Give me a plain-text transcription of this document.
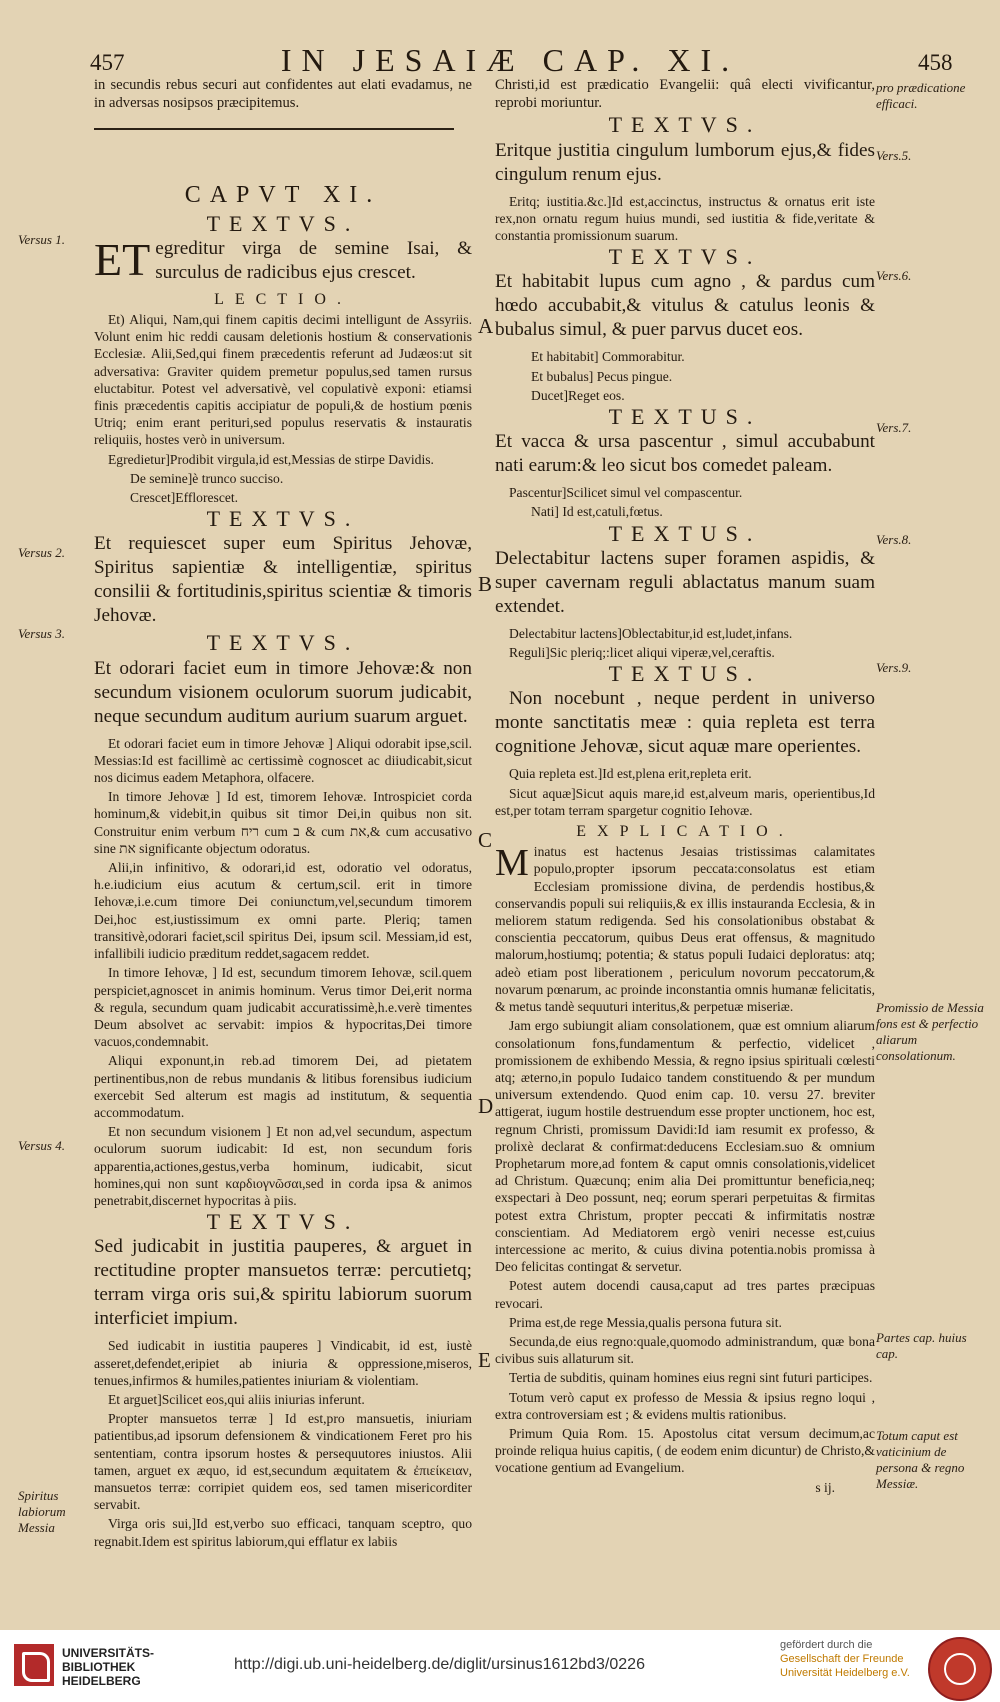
457	IN JESAIÆ CAP. XI.	458

in secundis rebus securi aut confidentes aut elati evadamus, ne in adversas nosipsos præcipitemus.

CAPVT XI.
TEXTVS.

ET egreditur virga de semine Isai, & surculus de radicibus ejus crescet.

LECTIO.

Et) Aliqui, Nam,qui finem capitis decimi intelligunt de Assyriis. Volunt enim hic reddi causam deletionis hostium & conservationis Ecclesiæ. Alii,Sed,qui finem præcedentis referunt ad Judæos:ut sit adversativa: Graviter quidem premetur populus,sed tamen rursus eluctabitur. Potest vel adversativè, vel copulativè exponi: etiamsi finis præcedentis capitis accipiatur de populi,& de hostium pœnis Utriq; enim erant perituri,sed populus reservatis & instauratis reliquiis, hostes verò in universum.

Egredietur]Prodibit virgula,id est,Messias de stirpe Davidis.

De semine]è trunco succiso.

Crescet]Efflorescet.

TEXTVS.

Et requiescet super eum Spiritus Jehovæ, Spiritus sapientiæ & intelligentiæ, spiritus consilii & fortitudinis,spiritus scientiæ & timoris Jehovæ.

TEXTVS.

Et odorari faciet eum in timore Jehovæ:& non secundum visionem oculorum suorum judicabit, neque secundum auditum aurium suarum arguet.

Et odorari faciet eum in timore Jehovæ ] Aliqui odorabit ipse,scil. Messias:Id est facillimè ac certissimè cognoscet ac diiudicabit,sicut nos dicimus eadem Metaphora, olfacere.

In timore Jehovæ ] Id est, timorem Iehovæ. Introspiciet corda hominum,& videbit,in quibus sit timor Dei,in quibus non sit. Construitur enim verbum ריח cum ב & cum את,& cum accusativo sine את significante objectum odoratus.

Alii,in infinitivo, & odorari,id est, odoratio vel odoratus, h.e.iudicium eius acutum & certum,scil. erit in timore Iehovæ,i.e.cum timore Dei coniunctum,vel,secundum timorem Dei,hoc est,iustissimum ex omni parte. Pleriq; tamen transitivè,odorari faciet,scil spiritus Dei, ipsum scil. Messiam,id est, infallibili iudicio præditum reddet,sagacem reddet.

In timore Iehovæ, ] Id est, secundum timorem Iehovæ, scil.quem perspiciet,agnoscet in animis hominum. Verus timor Dei,erit norma & regula, secundum quam judicabit accuratissimè,h.e.verè timentes Deum absolvet ac servabit: impios & hypocritas,Dei timore vacuos,condemnabit.

Aliqui exponunt,in reb.ad timorem Dei, ad pietatem pertinentibus,non de rebus mundanis & litibus forensibus iudicium exercebit Sed alterum est magis ad institutum, & sequentia accommodatum.

Et non secundum visionem ] Et non ad,vel secundum, aspectum oculorum suorum iudicabit: Id est, non secundum foris apparentia,actiones,gestus,verba hominum, iudicabit, sicut homines,qui non sunt καρδιογνῶσαι,sed in corda ipsa & animos penetrabit,discernet hypocritas à piis.

TEXTVS.

Sed judicabit in justitia pauperes, & arguet in rectitudine propter mansuetos terræ: percutietq; terram virga oris sui,& spiritu labiorum suorum interficiet impium.

Sed iudicabit in iustitia pauperes ] Vindicabit, id est, iustè asseret,defendet,eripiet ab iniuria & oppressione,miseros, tenues,infirmos & humiles,patientes iniuriam & violentiam.

Et arguet]Scilicet eos,qui aliis iniurias inferunt.

Propter mansuetos terræ ] Id est,pro mansuetis, iniuriam patientibus,ad ipsorum defensionem & vindicationem Feret pro his sententiam, contra ipsorum hostes & persequutores iniustos. Alii tamen, arguet ex æquo, id est,secundum æquitatem & ἐπιείκειαν, mansuetos terræ: corripiet quidem eos, sed tamen misericorditer servabit.

Virga oris sui,]Id est,verbo suo efficaci, tanquam sceptro, quo regnabit.Idem est spiritus labiorum,qui efflatur ex labiis

Christi,id est prædicatio Evangelii: quâ electi vivificantur, reprobi moriuntur.

TEXTVS.

Eritque justitia cingulum lumborum ejus,& fides cingulum renum ejus.

Eritq; iustitia.&c.]Id est,accinctus, instructus & ornatus erit iste rex,non ornatu regum huius mundi, sed iustitia & fide,veritate & constantia promissionum suarum.

TEXTVS.

Et habitabit lupus cum agno , & pardus cum hœdo accubabit,& vitulus & catulus leonis & bubalus simul, & puer parvus ducet eos.

Et habitabit] Commorabitur.

Et bubalus] Pecus pingue.

Ducet]Reget eos.

TEXTUS.

Et vacca & ursa pascentur , simul accubabunt nati earum:& leo sicut bos comedet paleam.

Pascentur]Scilicet simul vel compascentur.

Nati] Id est,catuli,fœtus.

TEXTUS.

Delectabitur lactens super foramen aspidis, & super cavernam reguli ablactatus manum suam extendet.

Delectabitur lactens]Oblectabitur,id est,ludet,infans.

Reguli]Sic pleriq;:licet aliqui viperæ,vel,ceraftis.

TEXTUS.

Non nocebunt , neque perdent in universo monte sanctitatis meæ : quia repleta est terra cognitione Jehovæ, sicut aquæ mare operientes.

Quia repleta est.]Id est,plena erit,repleta erit.

Sicut aquæ]Sicut aquis mare,id est,alveum maris, operientibus,Id est,per totam terram spargetur cognitio Iehovæ.

EXPLICATIO.

Minatus est hactenus Jesaias tristissimas calamitates populo,propter ipsorum peccata:consolatus est etiam Ecclesiam promissione divina, de perdendis hostibus,& conservandis populi sui reliquiis,& ex illis instauranda Ecclesia, & in meliorem statum redigenda. Sed his consolationibus obstabat & conscientia peccatorum, quibus Deus erat offensus, & magnitudo malorum,hostiumq; potentia; & status populi Iudaici deploratus: atq; adeò etiam post liberationem , periculum novorum peccatorum,& novarum pœnarum, ac proinde inconstantia omnis humanæ felicitatis, & metus tandè sequuturi interitus,& perpetuæ miseriæ.

Jam ergo subiungit aliam consolationem, quæ est omnium aliarum consolationum fons,fundamentum & perfectio, videlicet , promissionem de exhibendo Messia, & regno ipsius spirituali cœlesti atq; æterno,in populo Iudaico tandem constituendo & per mundum universum extendendo. Quod enim cap. 10. versu 27. breviter attigerat, iugum hostile destruendum esse propter unctionem, hoc est, regnum Christi, promissum Davidi:Id iam resumit ex professo, & prolixè declarat & confirmat:deducens Ecclesiam.suo & omnium Prophetarum more,ad fontem & caput omnis consolationis,videlicet ad Christum. Quæcunq; enim alia Dei promittuntur beneficia,neq; exspectari à Deo possunt, neq; eorum sperari perpetuitas & firmitas potest extra Christum, propter peccati & infirmitatis nostræ conscientiam. Ad Mediatorem ergò veniri necesse est,cuius intercessione ac merito, & cuius divina potentia.nobis promissa à Deo felicitas contingat & servetur.

Potest autem docendi causa,caput ad tres partes præcipuas revocari.

Prima est,de rege Messia,qualis persona futura sit.

Secunda,de eius regno:quale,quomodo administrandum, quæ bona civibus suis allaturum sit.

Tertia de subditis, quinam homines eius regni sint futuri participes.

Totum verò caput ex professo de Messia & ipsius regno loqui , extra controversiam est ; & evidens multis rationibus.

Primum Quia Rom. 15. Apostolus citat versum decimum,ac proinde reliqua huius capitis, ( de eodem enim dicuntur) de Christo,& vocatione gentium ad Evangelium.

s ij.

Versus 1.
Versus 2.
Versus 3.
Versus 4.
Spiritus labiorum Messia
pro prædicatione efficaci.
Vers.5.
Vers.6.
Vers.7.
Vers.8.
Vers.9.
Promissio de Messia fons est & perfectio aliarum consolationum.
Partes cap. huius cap.
Totum caput est vaticinium de persona & regno Messiæ.
A
B
C
D
E
UNIVERSITÄTS-
BIBLIOTHEK
HEIDELBERG
http://digi.ub.uni-heidelberg.de/diglit/ursinus1612bd3/0226
gefördert durch die
Gesellschaft der Freunde Universität Heidelberg e.V.
